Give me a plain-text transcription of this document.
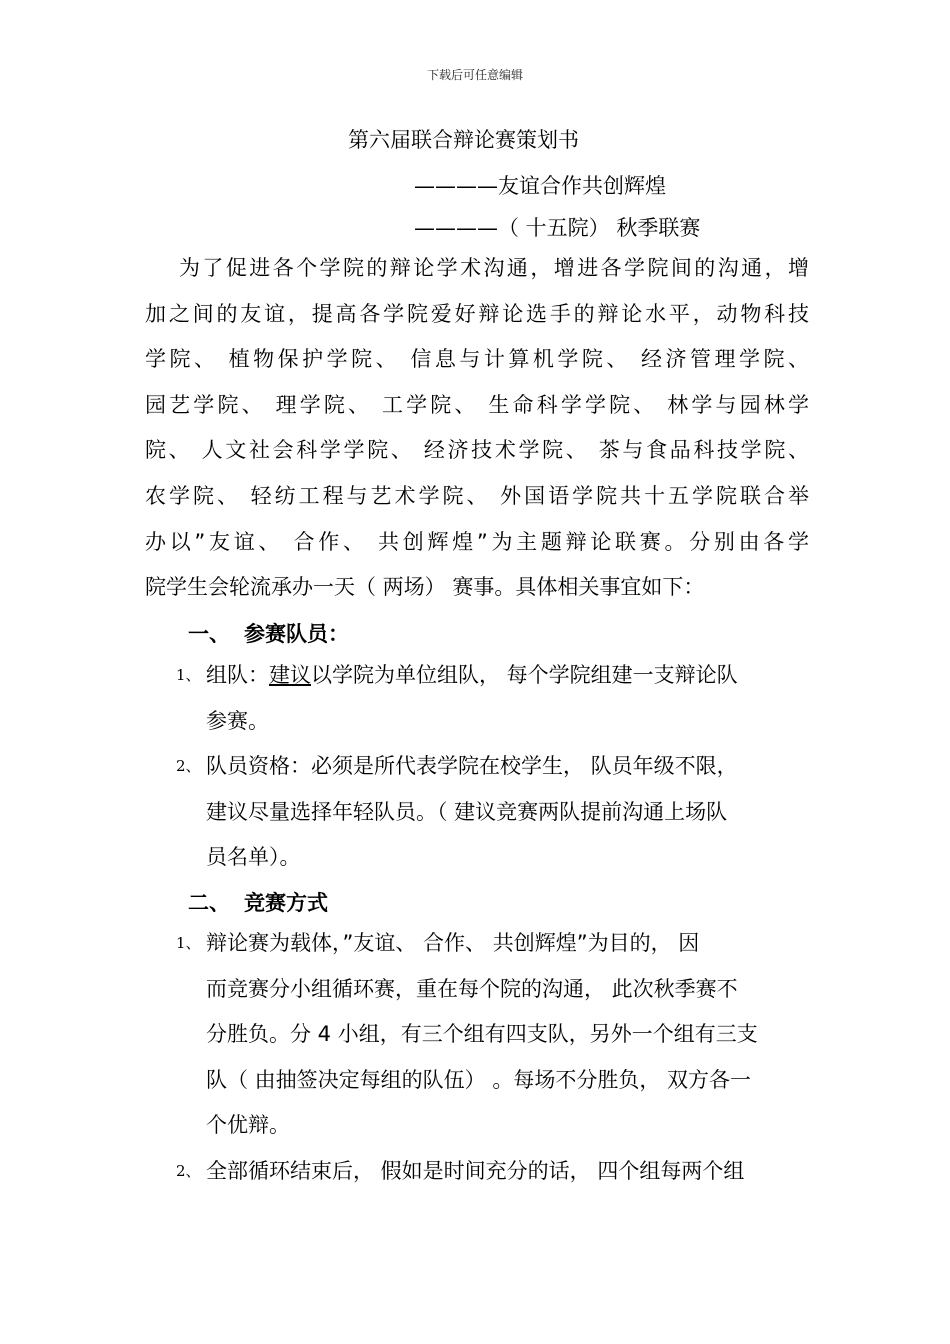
下载后可任意编辑
第六届联合辩论赛策划书
————友谊合作共创辉煌
————（ 十五院） 秋季联赛
为了促进各个学院的辩论学术沟通，增进各学院间的沟通，增
加之间的友谊，提高各学院爱好辩论选手的辩论水平，动物科技
学院、 植物保护学院、 信息与计算机学院、 经济管理学院、
园艺学院、 理学院、 工学院、 生命科学学院、 林学与园林学
院、 人文社会科学学院、 经济技术学院、 茶与食品科技学院、
农学院、 轻纺工程与艺术学院、 外国语学院共十五学院联合举
办以”友谊、 合作、 共创辉煌”为主题辩论联赛。分别由各学
院学生会轮流承办一天（ 两场） 赛事。具体相关事宜如下：
一、 参赛队员：
1、 组队：建议以学院为单位组队， 每个学院组建一支辩论队
参赛。
2、 队员资格：必须是所代表学院在校学生， 队员年级不限，
建议尽量选择年轻队员。（ 建议竞赛两队提前沟通上场队
员名单）。
二、 竞赛方式
1、 辩论赛为载体，”友谊、 合作、 共创辉煌”为目的， 因
而竞赛分小组循环赛，重在每个院的沟通， 此次秋季赛不
分胜负。分 4 小组，有三个组有四支队，另外一个组有三支
队（ 由抽签决定每组的队伍） 。每场不分胜负， 双方各一
个优辩。
2、 全部循环结束后， 假如是时间充分的话， 四个组每两个组
